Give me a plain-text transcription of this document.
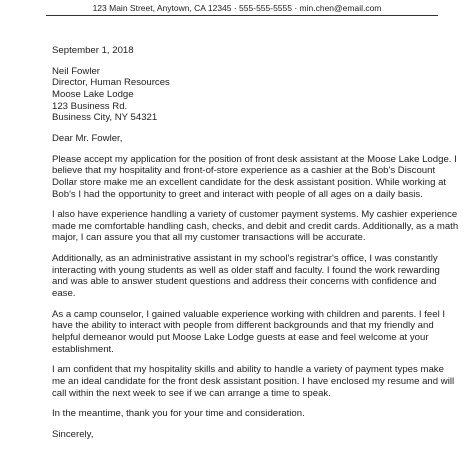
123 Main Street, Anytown, CA 12345 · 555-555-5555 · min.chen@email.com
September 1, 2018
Neil Fowler
Director, Human Resources
Moose Lake Lodge
123 Business Rd.
Business City, NY 54321
Dear Mr. Fowler,
Please accept my application for the position of front desk assistant at the Moose Lake Lodge. I
believe that my hospitality and front-of-store experience as a cashier at the Bob's Discount
Dollar store make me an excellent candidate for the desk assistant position. While working at
Bob's I had the opportunity to greet and interact with people of all ages on a daily basis.
I also have experience handling a variety of customer payment systems. My cashier experience
made me comfortable handling cash, checks, and debit and credit cards. Additionally, as a math
major, I can assure you that all my customer transactions will be accurate.
Additionally, as an administrative assistant in my school's registrar's office, I was constantly
interacting with young students as well as older staff and faculty. I found the work rewarding
and was able to answer student questions and address their concerns with confidence and
ease.
As a camp counselor, I gained valuable experience working with children and parents. I feel I
have the ability to interact with people from different backgrounds and that my friendly and
helpful demeanor would put Moose Lake Lodge guests at ease and feel welcome at your
establishment.
I am confident that my hospitality skills and ability to handle a variety of payment types make
me an ideal candidate for the front desk assistant position. I have enclosed my resume and will
call within the next week to see if we can arrange a time to speak.
In the meantime, thank you for your time and consideration.
Sincerely,
